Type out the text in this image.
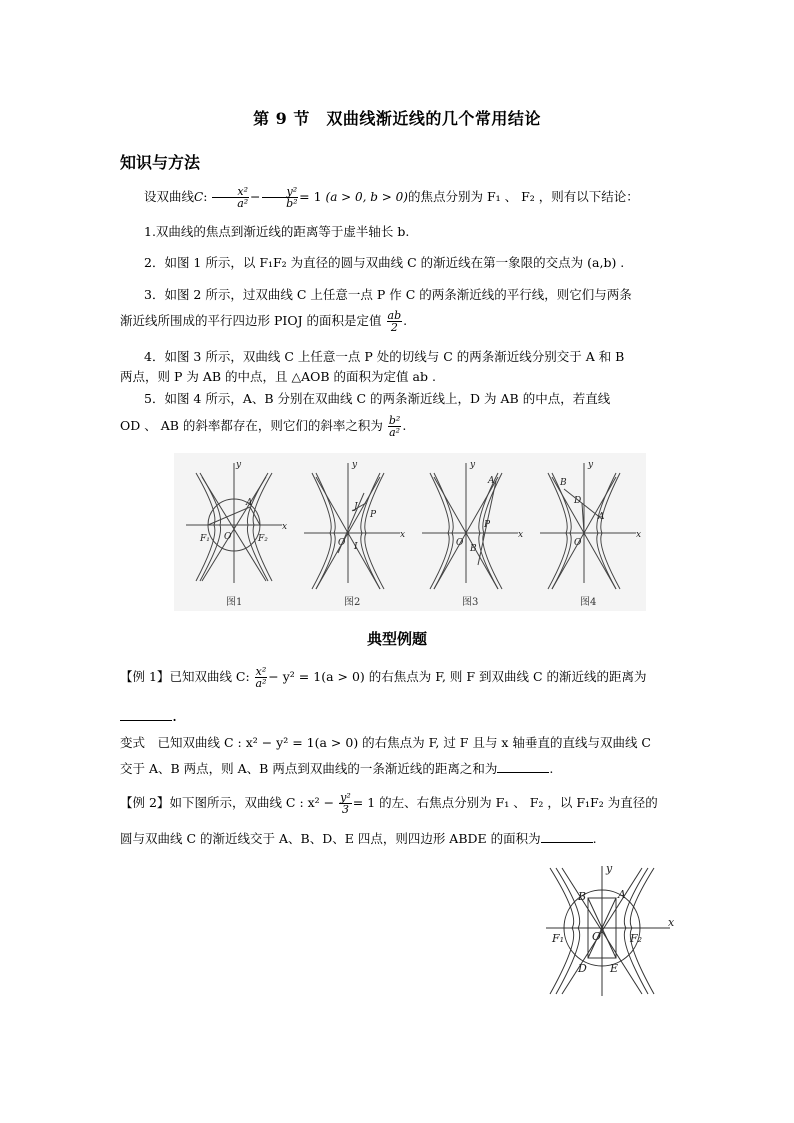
第 9 节　双曲线渐近线的几个常用结论
知识与方法
设双曲线C: $\frac{\text{x²}}{\text{a²}} - \frac{\text{y²}}{\text{b²}} = 1$ (a > 0, b > 0)的焦点分别为 F₁ 、 F₂ ，则有以下结论：
1.双曲线的焦点到渐近线的距离等于虚半轴长 b.
2．如图 1 所示，以 F₁F₂ 为直径的圆与双曲线 C 的渐近线在第一象限的交点为 (a,b) .
3．如图 2 所示，过双曲线 C 上任意一点 P 作 C 的两条渐近线的平行线，则它们与两条
渐近线所围成的平行四边形 PIOJ 的面积是定值 $\frac{ab}{2}$ .
4．如图 3 所示，双曲线 C 上任意一点 P 处的切线与 C 的两条渐近线分别交于 A 和 B
两点，则 P 为 AB 的中点，且 △AOB 的面积为定值 ab .
5．如图 4 所示，A、B 分别在双曲线 C 的两条渐近线上，D 为 AB 的中点，若直线
OD 、 AB 的斜率都存在，则它们的斜率之积为 $\frac{\text{b²}}{\text{a²}}$ .
y
x
O
A
F₁	F₂
y
x
O
P
J
I
y
x
O
A
P
B
y
x
O
B
D
A
图1	图2	图3	图4
典型例题
【例 1】已知双曲线 C: $\frac{\text{x²}}{\text{a²}} - y^2 = 1(a > 0)$ 的右焦点为 F, 则 F 到双曲线 C 的渐近线的距离为
.
变式　已知双曲线 C : x² − y² = 1(a > 0) 的右焦点为 F, 过 F 且与 x 轴垂直的直线与双曲线 C
交于 A、B 两点，则 A、B 两点到双曲线的一条渐近线的距离之和为	.
【例 2】如下图所示，双曲线 C : $x^2 - \frac{\text{y²}}{3} = 1$ 的左、右焦点分别为 F₁ 、 F₂ ，以 F₁F₂ 为直径的
圆与双曲线 C 的渐近线交于 A、B、D、E 四点，则四边形 ABDE 的面积为	.
y
x
B	A
O
F₁	F₂
D E
